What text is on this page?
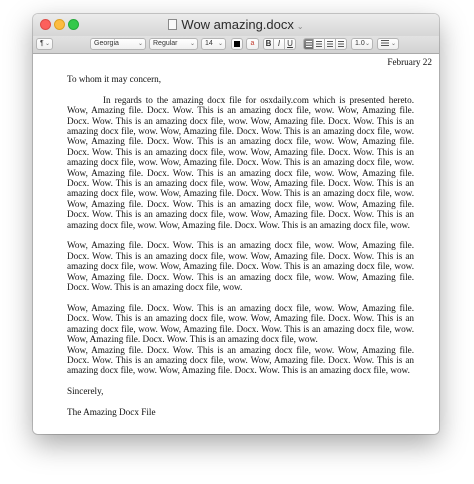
Wow amazing.docx ⌄
¶ ⌄	Georgia	⌄	Regular ⌄	14 ⌄	a	B I U	1.0 ⌄	⌄
February 22

To whom it may concern,

In regards to the amazing docx file for osxdaily.com which is presented hereto. Wow, Amazing file. Docx. Wow. This is an amazing docx file, wow. Wow, Amazing file. Docx. Wow. This is an amazing docx file, wow. Wow, Amazing file. Docx. Wow. This is an amazing docx file, wow. Wow, Amazing file. Docx. Wow. This is an amazing docx file, wow. Wow, Amazing file. Docx. Wow. This is an amazing docx file, wow. Wow, Amazing file. Docx. Wow. This is an amazing docx file, wow. Wow, Amazing file. Docx. Wow. This is an amazing docx file, wow. Wow, Amazing file. Docx. Wow. This is an amazing docx file, wow. Wow, Amazing file. Docx. Wow. This is an amazing docx file, wow. Wow, Amazing file. Docx. Wow. This is an amazing docx file, wow. Wow, Amazing file. Docx. Wow. This is an amazing docx file, wow. Wow, Amazing file. Docx. Wow. This is an amazing docx file, wow. Wow, Amazing file. Docx. Wow. This is an amazing docx file, wow. Wow, Amazing file. Docx. Wow. This is an amazing docx file, wow. Wow, Amazing file. Docx. Wow. This is an amazing docx file, wow. Wow, Amazing file. Docx. Wow. This is an amazing docx file, wow.

Wow, Amazing file. Docx. Wow. This is an amazing docx file, wow. Wow, Amazing file. Docx. Wow. This is an amazing docx file, wow. Wow, Amazing file. Docx. Wow. This is an amazing docx file, wow. Wow, Amazing file. Docx. Wow. This is an amazing docx file, wow. Wow, Amazing file. Docx. Wow. This is an amazing docx file, wow. Wow, Amazing file. Docx. Wow. This is an amazing docx file, wow.

Wow, Amazing file. Docx. Wow. This is an amazing docx file, wow. Wow, Amazing file. Docx. Wow. This is an amazing docx file, wow. Wow, Amazing file. Docx. Wow. This is an amazing docx file, wow. Wow, Amazing file. Docx. Wow. This is an amazing docx file, wow. Wow, Amazing file. Docx. Wow. This is an amazing docx file, wow.

Wow, Amazing file. Docx. Wow. This is an amazing docx file, wow. Wow, Amazing file. Docx. Wow. This is an amazing docx file, wow. Wow, Amazing file. Docx. Wow. This is an amazing docx file, wow. Wow, Amazing file. Docx. Wow. This is an amazing docx file, wow.

Sincerely,

The Amazing Docx File
